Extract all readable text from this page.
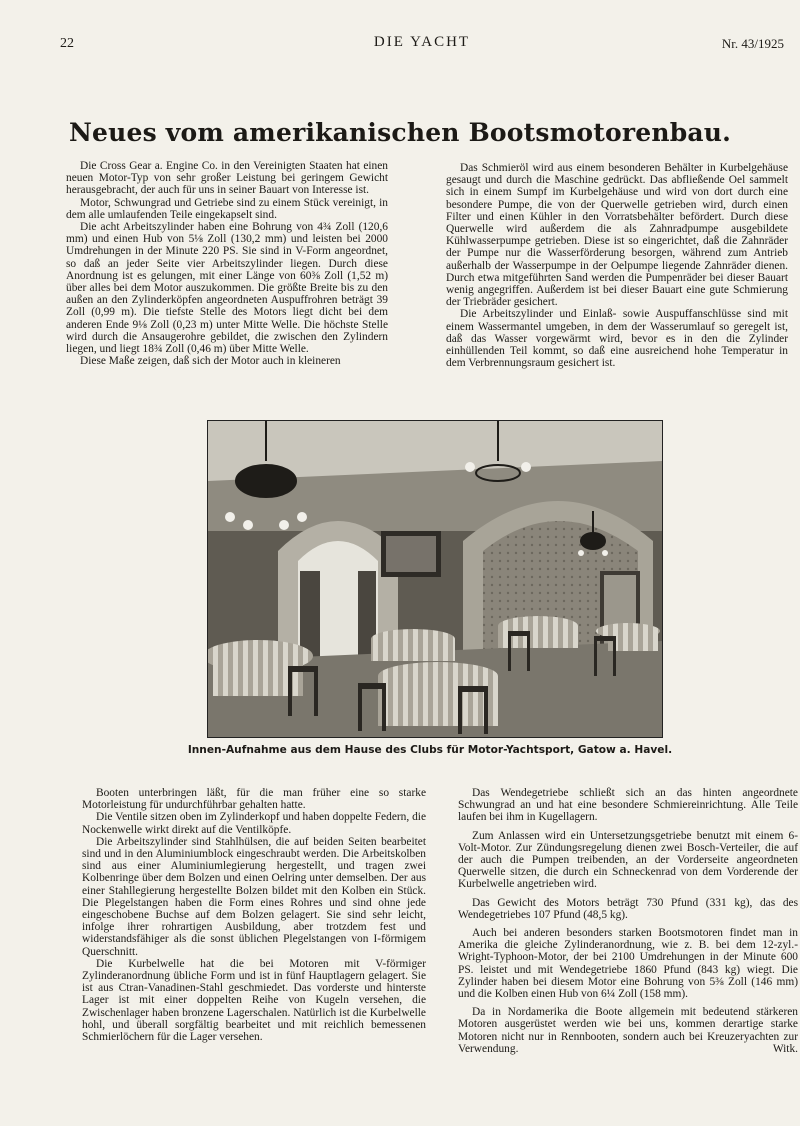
22	DIE YACHT	Nr. 43/1925
Neues vom amerikanischen Bootsmotorenbau.

Die Cross Gear a. Engine Co. in den Vereinigten Staaten hat einen neuen Motor-Typ von sehr großer Leistung bei geringem Gewicht herausgebracht, der auch für uns in seiner Bauart von Interesse ist.

Motor, Schwungrad und Getriebe sind zu einem Stück vereinigt, in dem alle umlaufenden Teile eingekapselt sind.

Die acht Arbeitszylinder haben eine Bohrung von 4¾ Zoll (120,6 mm) und einen Hub von 5⅛ Zoll (130,2 mm) und leisten bei 2000 Umdrehungen in der Minute 220 PS. Sie sind in V-Form angeordnet, so daß an jeder Seite vier Arbeitszylinder liegen. Durch diese Anordnung ist es gelungen, mit einer Länge von 60⅜ Zoll (1,52 m) über alles bei dem Motor auszukommen. Die größte Breite bis zu den außen an den Zylinderköpfen angeordneten Auspuffrohren beträgt 39 Zoll (0,99 m). Die tiefste Stelle des Motors liegt dicht bei dem anderen Ende 9⅛ Zoll (0,23 m) unter Mitte Welle. Die höchste Stelle wird durch die Ansaugerohre gebildet, die zwischen den Zylindern liegen, und liegt 18¾ Zoll (0,46 m) über Mitte Welle.

Diese Maße zeigen, daß sich der Motor auch in kleineren

Das Schmieröl wird aus einem besonderen Behälter in Kurbelgehäuse gesaugt und durch die Maschine gedrückt. Das abfließende Oel sammelt sich in einem Sumpf im Kurbelgehäuse und wird von dort durch eine besondere Pumpe, die von der Querwelle getrieben wird, durch einen Filter und einen Kühler in den Vorratsbehälter befördert. Durch diese Querwelle wird außerdem die als Zahnradpumpe ausgebildete Kühlwasserpumpe getrieben. Diese ist so eingerichtet, daß die Zahnräder der Pumpe nur die Wasserförderung besorgen, während zum Antrieb außerhalb der Wasserpumpe in der Oelpumpe liegende Zahnräder dienen. Durch etwa mitgeführten Sand werden die Pumpenräder bei dieser Bauart wenig angegriffen. Außerdem ist bei dieser Bauart eine gute Schmierung der Triebräder gesichert.

Die Arbeitszylinder und Einlaß- sowie Auspuffanschlüsse sind mit einem Wassermantel umgeben, in dem der Wasserumlauf so geregelt ist, daß das Wasser vorgewärmt wird, bevor es in den die Zylinder einhüllenden Teil kommt, so daß eine ausreichend hohe Temperatur in dem Verbrennungsraum gesichert ist.

Innen-Aufnahme aus dem Hause des Clubs für Motor-Yachtsport, Gatow a. Havel.

Booten unterbringen läßt, für die man früher eine so starke Motorleistung für undurchführbar gehalten hatte.

Die Ventile sitzen oben im Zylinderkopf und haben doppelte Federn, die Nockenwelle wirkt direkt auf die Ventilköpfe.

Die Arbeitszylinder sind Stahlhülsen, die auf beiden Seiten bearbeitet sind und in den Aluminiumblock eingeschraubt werden. Die Arbeitskolben sind aus einer Aluminiumlegierung hergestellt, und tragen zwei Kolbenringe über dem Bolzen und einen Oelring unter demselben. Der aus einer Stahllegierung hergestellte Bolzen bildet mit den Kolben ein Stück. Die Plegelstangen haben die Form eines Rohres und sind ohne jede eingeschobene Buchse auf dem Bolzen gelagert. Sie sind sehr leicht, infolge ihrer rohrartigen Ausbildung, aber trotzdem fest und widerstandsfähiger als die sonst üblichen Plegelstangen von I-förmigem Querschnitt.

Die Kurbelwelle hat die bei Motoren mit V-förmiger Zylinderanordnung übliche Form und ist in fünf Hauptlagern gelagert. Sie ist aus Ctran-Vanadinen-Stahl geschmiedet. Das vorderste und hinterste Lager ist mit einer doppelten Reihe von Kugeln versehen, die Zwischenlager haben bronzene Lagerschalen. Natürlich ist die Kurbelwelle hohl, und überall sorgfältig bearbeitet und mit reichlich bemessenen Schmierlöchern für die Lager versehen.

Das Wendegetriebe schließt sich an das hinten angeordnete Schwungrad an und hat eine besondere Schmiereinrichtung. Alle Teile laufen bei ihm in Kugellagern.

Zum Anlassen wird ein Untersetzungsgetriebe benutzt mit einem 6-Volt-Motor. Zur Zündungsregelung dienen zwei Bosch-Verteiler, die auf der auch die Pumpen treibenden, an der Vorderseite angeordneten Querwelle sitzen, die durch ein Schneckenrad von dem Vorderende der Kurbelwelle angetrieben wird.

Das Gewicht des Motors beträgt 730 Pfund (331 kg), das des Wendegetriebes 107 Pfund (48,5 kg).

Auch bei anderen besonders starken Bootsmotoren findet man in Amerika die gleiche Zylinderanordnung, wie z. B. bei dem 12-zyl.-Wright-Typhoon-Motor, der bei 2100 Umdrehungen in der Minute 600 PS. leistet und mit Wendegetriebe 1860 Pfund (843 kg) wiegt. Die Zylinder haben bei diesem Motor eine Bohrung von 5⅜ Zoll (146 mm) und die Kolben einen Hub von 6¼ Zoll (158 mm).

Da in Nordamerika die Boote allgemein mit bedeutend stärkeren Motoren ausgerüstet werden wie bei uns, kommen derartige starke Motoren nicht nur in Rennbooten, sondern auch bei Kreuzeryachten zur Verwendung.	Witk.
